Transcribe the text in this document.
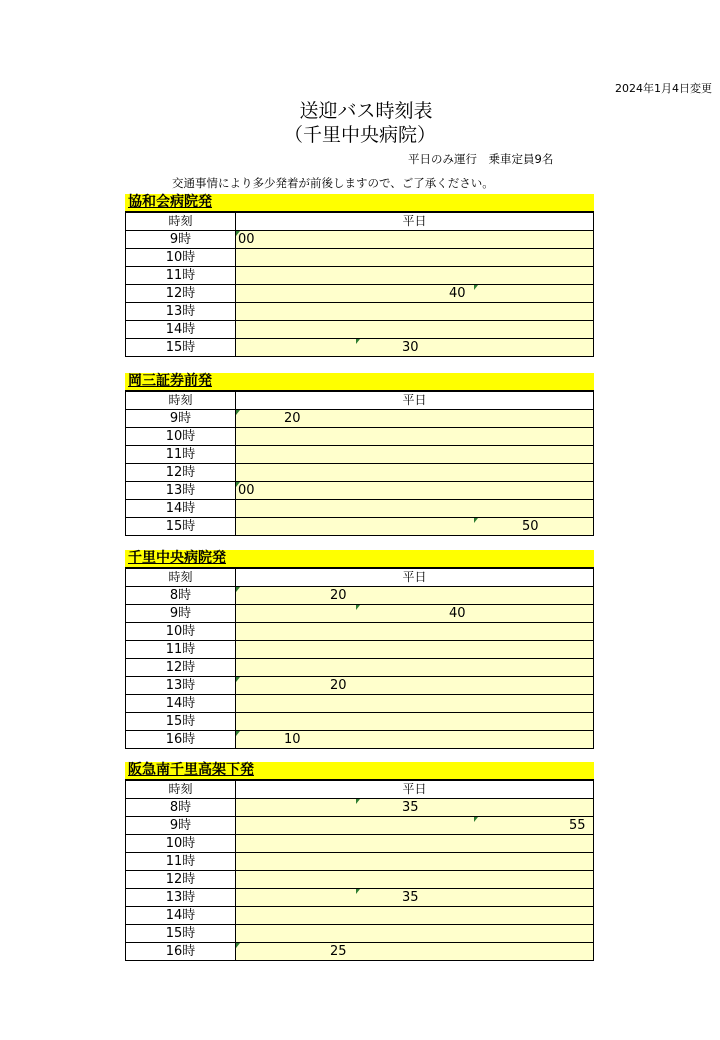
2024年1月4日変更
送迎バス時刻表
（千里中央病院）
平日のみ運行　乗車定員9名
交通事情により多少発着が前後しますので、ご了承ください。
協和会病院発
時刻	平日
9時	00

10時	
11時	
12時	40

13時	
14時	
15時	30
岡三証券前発
時刻	平日
9時	20

10時	
11時	
12時	
13時	00

14時	
15時	50
千里中央病院発
時刻	平日
8時	20

9時	40

10時	
11時	
12時	
13時	20

14時	
15時	
16時	10
阪急南千里高架下発
時刻	平日
8時	35

9時	55

10時	
11時	
12時	
13時	35

14時	
15時	
16時	25
